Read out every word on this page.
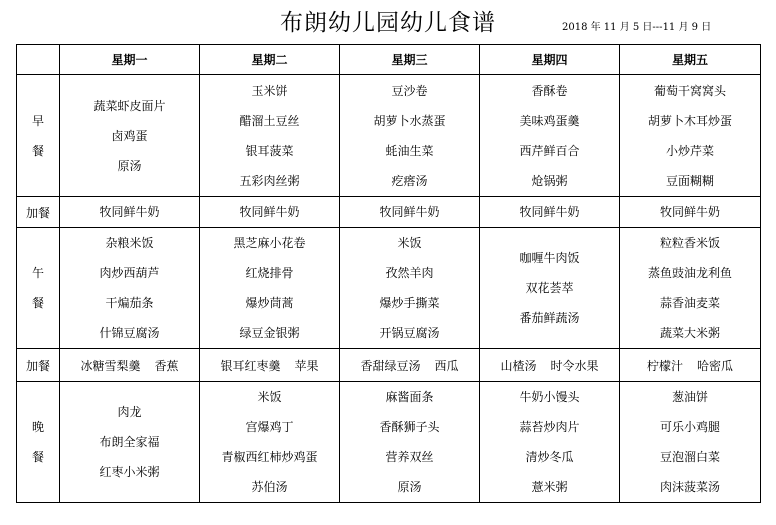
布朗幼儿园幼儿食谱	2018 年 11 月 5 日---11 月 9 日
	星期一	星期二	星期三	星期四	星期五

早
餐	蔬菜虾皮面片
卤鸡蛋
原汤	玉米饼
醋溜土豆丝
银耳菠菜
五彩肉丝粥	豆沙卷
胡萝卜水蒸蛋
蚝油生菜
疙瘩汤	香酥卷
美味鸡蛋羹
西芹鲜百合
炝锅粥	葡萄干窝窝头
胡萝卜木耳炒蛋
小炒芹菜
豆面糊糊

加餐	牧同鲜牛奶	牧同鲜牛奶	牧同鲜牛奶	牧同鲜牛奶	牧同鲜牛奶

午
餐	杂粮米饭
肉炒西葫芦
干煸茄条
什锦豆腐汤	黑芝麻小花卷
红烧排骨
爆炒茼蒿
绿豆金银粥	米饭
孜然羊肉
爆炒手撕菜
开锅豆腐汤	咖喱牛肉饭
双花荟萃
番茄鲜蔬汤	粒粒香米饭
蒸鱼豉油龙利鱼
蒜香油麦菜
蔬菜大米粥

加餐	冰糖雪梨羹 香蕉	银耳红枣羹 苹果	香甜绿豆汤 西瓜	山楂汤 时令水果	柠檬汁 哈密瓜

晚
餐	肉龙
布朗全家福
红枣小米粥	米饭
宫爆鸡丁
青椒西红柿炒鸡蛋
苏伯汤	麻酱面条
香酥狮子头
营养双丝
原汤	牛奶小馒头
蒜苔炒肉片
清炒冬瓜
薏米粥	葱油饼
可乐小鸡腿
豆泡溜白菜
肉沫菠菜汤
